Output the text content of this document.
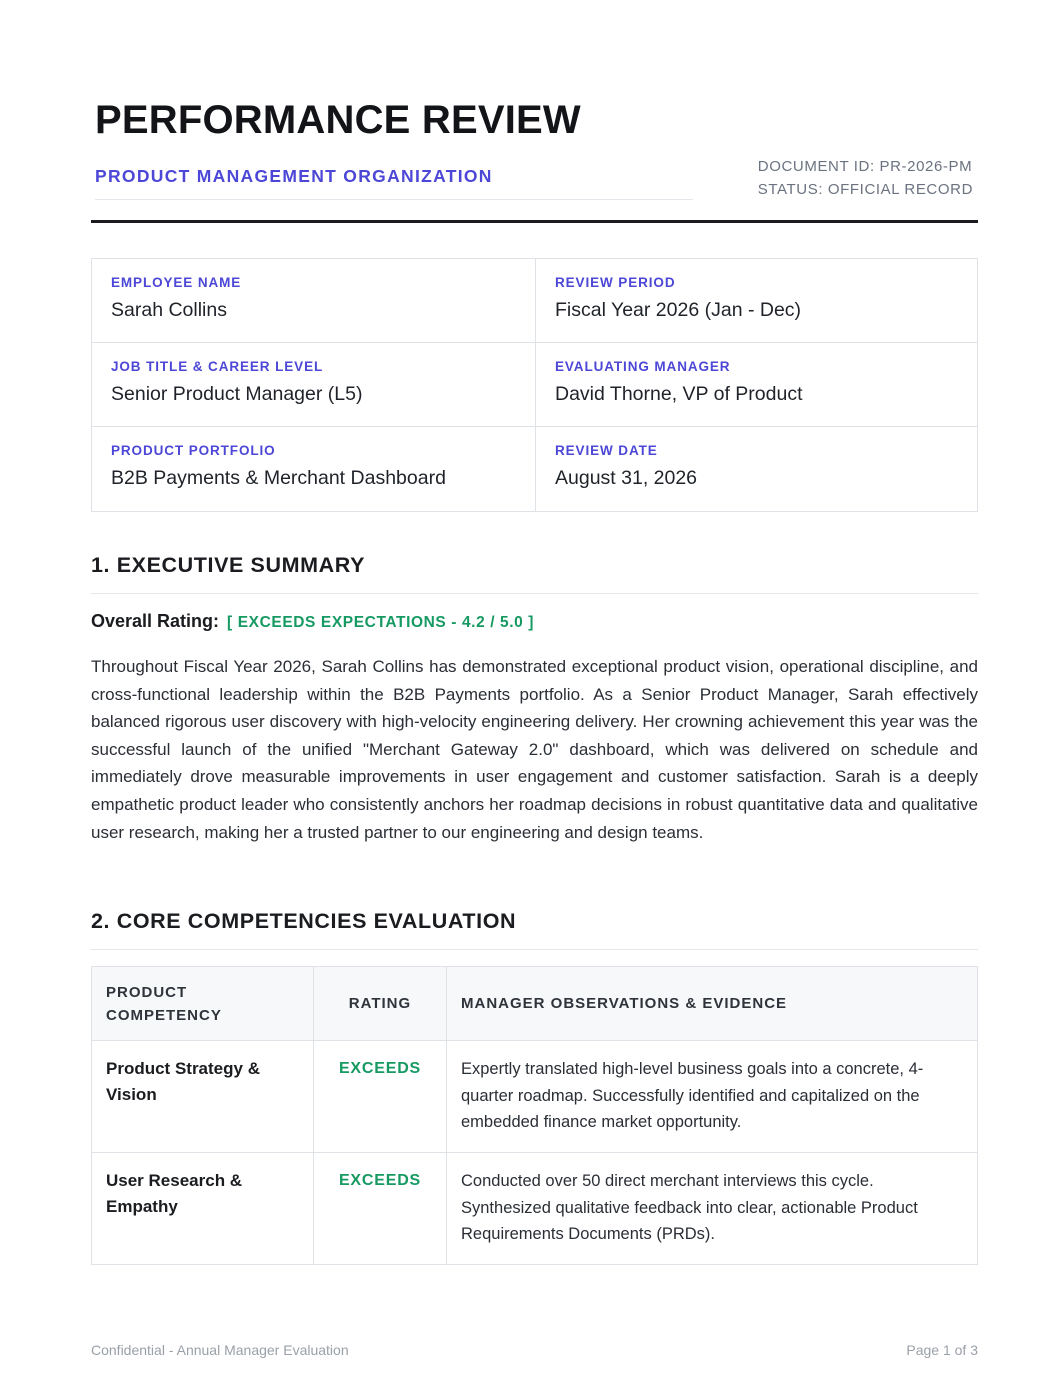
PERFORMANCE REVIEW
PRODUCT MANAGEMENT ORGANIZATION	DOCUMENT ID: PR-2026-PM
STATUS: OFFICIAL RECORD
EMPLOYEE NAME
Sarah Collins
REVIEW PERIOD
Fiscal Year 2026 (Jan - Dec)
JOB TITLE & CAREER LEVEL
Senior Product Manager (L5)
EVALUATING MANAGER
David Thorne, VP of Product
PRODUCT PORTFOLIO
B2B Payments & Merchant Dashboard
REVIEW DATE
August 31, 2026
1. EXECUTIVE SUMMARY
Overall Rating: [ EXCEEDS EXPECTATIONS - 4.2 / 5.0 ]

Throughout Fiscal Year 2026, Sarah Collins has demonstrated exceptional product vision, operational discipline, and cross-functional leadership within the B2B Payments portfolio. As a Senior Product Manager, Sarah effectively balanced rigorous user discovery with high-velocity engineering delivery. Her crowning achievement this year was the successful launch of the unified "Merchant Gateway 2.0" dashboard, which was delivered on schedule and immediately drove measurable improvements in user engagement and customer satisfaction. Sarah is a deeply empathetic product leader who consistently anchors her roadmap decisions in robust quantitative data and qualitative user research, making her a trusted partner to our engineering and design teams.

2. CORE COMPETENCIES EVALUATION
PRODUCT COMPETENCY	RATING	MANAGER OBSERVATIONS & EVIDENCE

Product Strategy & Vision	EXCEEDS	Expertly translated high-level business goals into a concrete, 4-quarter roadmap. Successfully identified and capitalized on the embedded finance market opportunity.

User Research & Empathy	EXCEEDS	Conducted over 50 direct merchant interviews this cycle. Synthesized qualitative feedback into clear, actionable Product Requirements Documents (PRDs).
Confidential - Annual Manager Evaluation	Page 1 of 3
